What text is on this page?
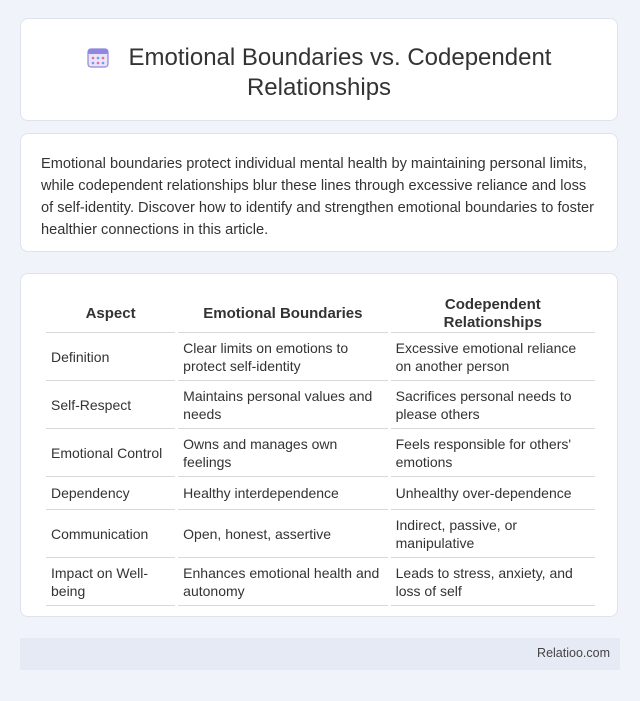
Emotional Boundaries vs. Codependent Relationships

Emotional boundaries protect individual mental health by maintaining personal limits, while codependent relationships blur these lines through excessive reliance and loss of self-identity. Discover how to identify and strengthen emotional boundaries to foster healthier connections in this article.

Aspect	Emotional Boundaries	Codependent Relationships
Definition	Clear limits on emotions to protect self-identity	Excessive emotional reliance on another person
Self-Respect	Maintains personal values and needs	Sacrifices personal needs to please others
Emotional Control	Owns and manages own feelings	Feels responsible for others' emotions
Dependency	Healthy interdependence	Unhealthy over-dependence
Communication	Open, honest, assertive	Indirect, passive, or manipulative
Impact on Well-being	Enhances emotional health and autonomy	Leads to stress, anxiety, and loss of self
Relatioo.com
